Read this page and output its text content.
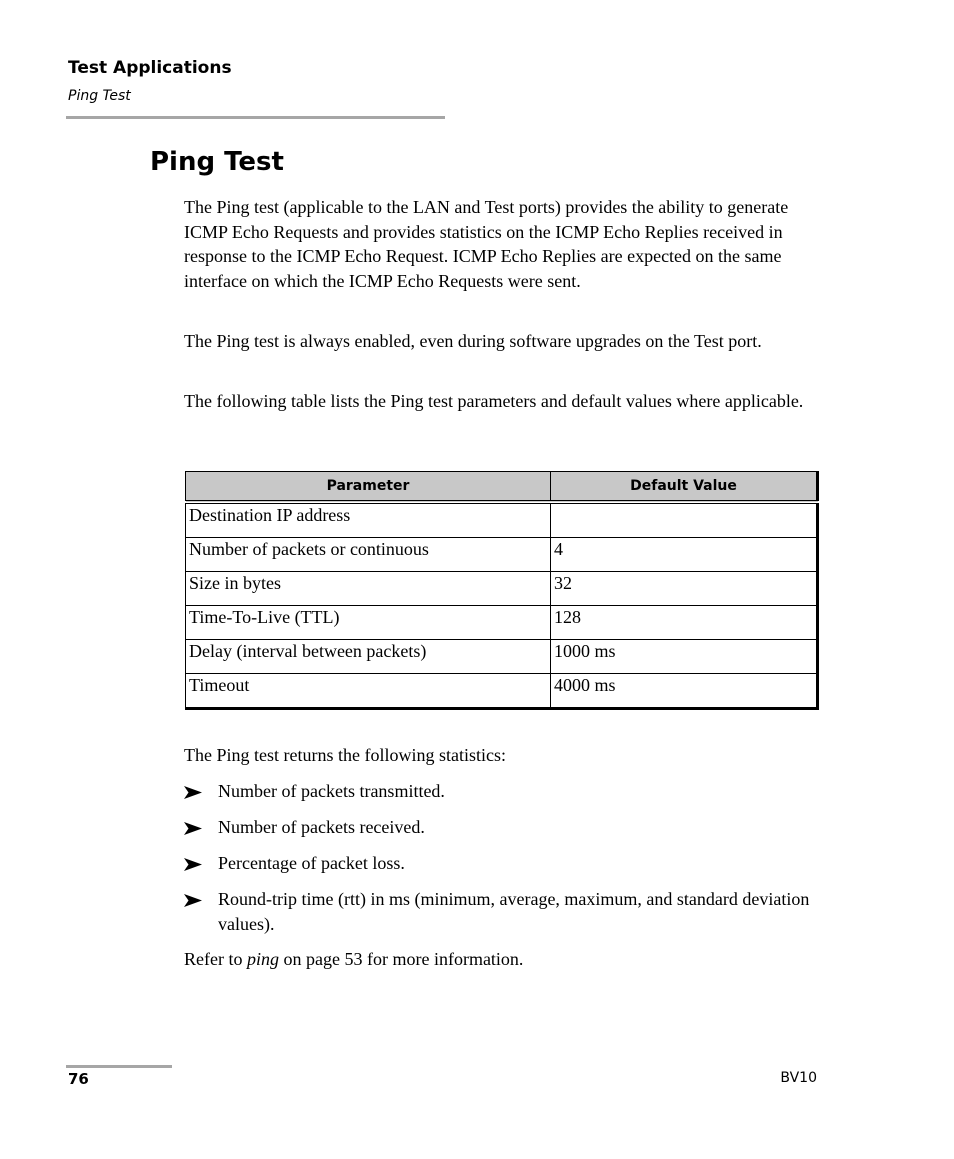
Test Applications
Ping Test
Ping Test

The Ping test (applicable to the LAN and Test ports) provides the ability to generate ICMP Echo Requests and provides statistics on the ICMP Echo Replies received in response to the ICMP Echo Request. ICMP Echo Replies are expected on the same interface on which the ICMP Echo Requests were sent.

The Ping test is always enabled, even during software upgrades on the Test port.

The following table lists the Ping test parameters and default values where applicable.

Parameter	Default Value
Destination IP address	
Number of packets or continuous	4
Size in bytes	32
Time-To-Live (TTL)	128
Delay (interval between packets)	1000 ms
Timeout	4000 ms

The Ping test returns the following statistics:

Number of packets transmitted.
Number of packets received.
Percentage of packet loss.
Round-trip time (rtt) in ms (minimum, average, maximum, and standard deviation values).

Refer to ping on page 53 for more information.

76	BV10
